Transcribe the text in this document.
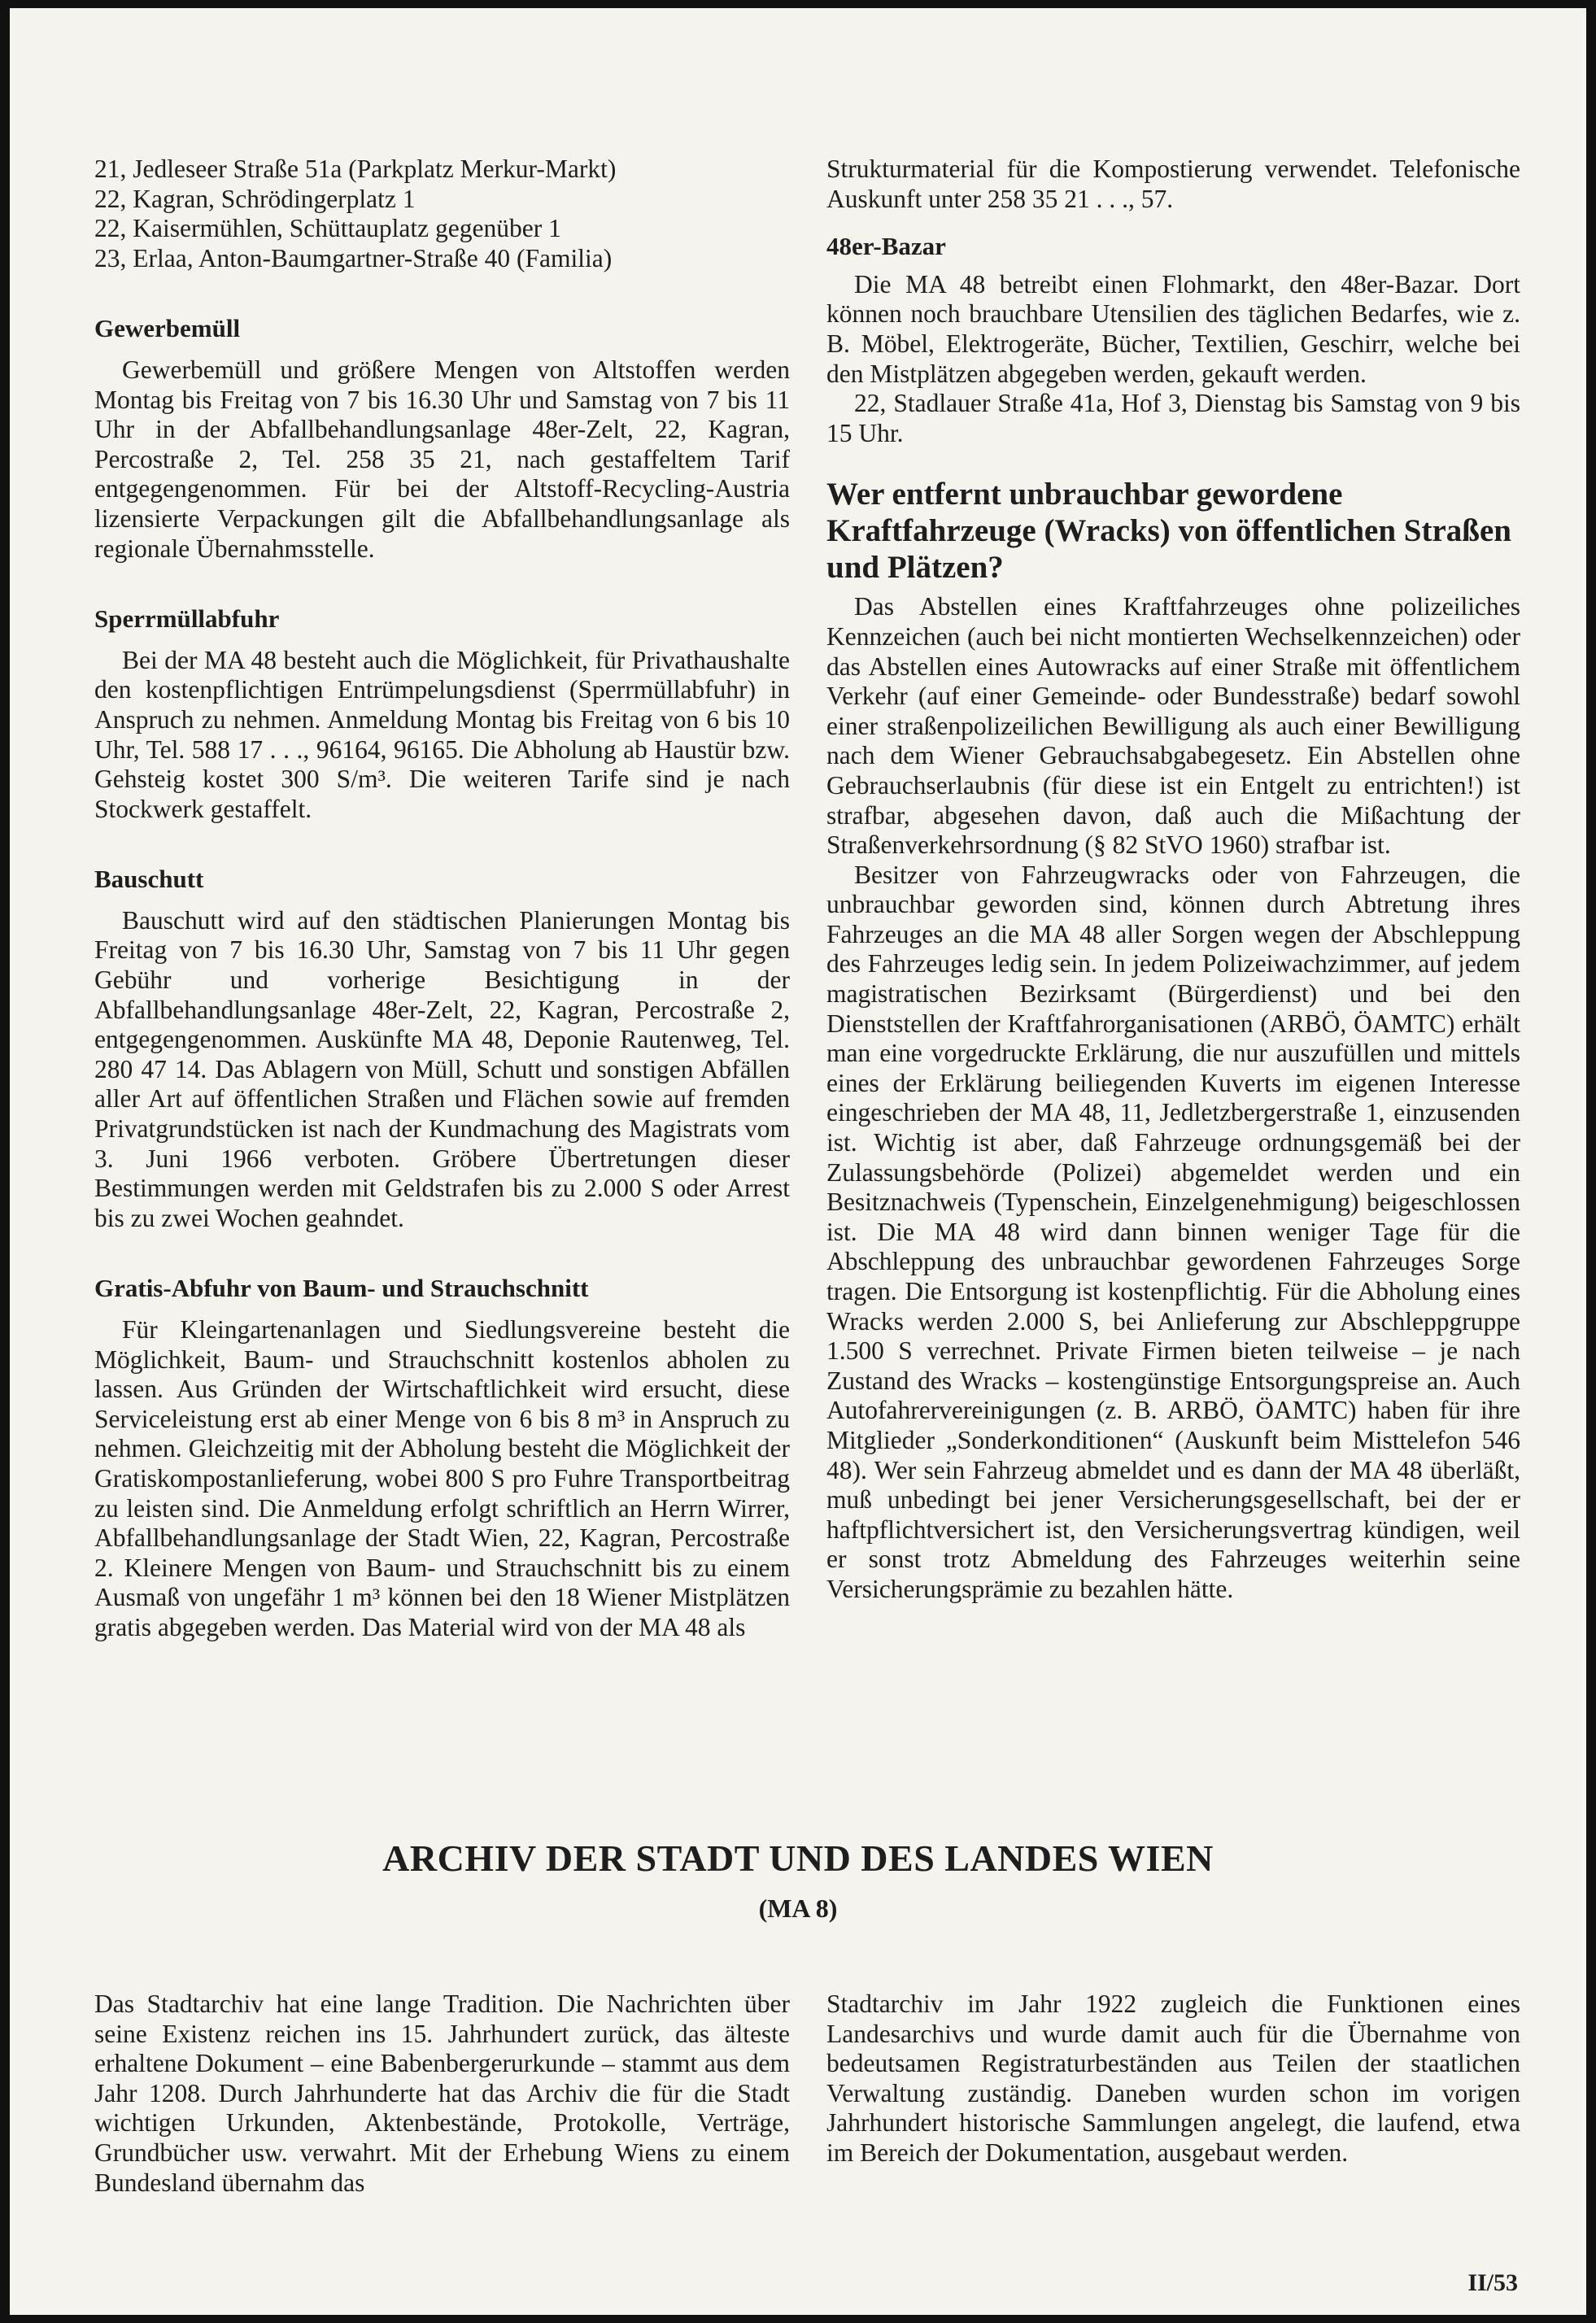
21, Jedleseer Straße 51a (Parkplatz Merkur-Markt)
22, Kagran, Schrödingerplatz 1
22, Kaisermühlen, Schüttauplatz gegenüber 1
23, Erlaa, Anton-Baumgartner-Straße 40 (Familia)
Gewerbemüll

Gewerbemüll und größere Mengen von Altstoffen werden Montag bis Freitag von 7 bis 16.30 Uhr und Samstag von 7 bis 11 Uhr in der Abfallbehandlungsanlage 48er-Zelt, 22, Kagran, Percostraße 2, Tel. 258 35 21, nach gestaffeltem Tarif entgegengenommen. Für bei der Altstoff-Recycling-Austria lizensierte Verpackungen gilt die Abfallbehandlungsanlage als regionale Übernahmsstelle.

Sperrmüllabfuhr

Bei der MA 48 besteht auch die Möglichkeit, für Privathaushalte den kostenpflichtigen Entrümpelungsdienst (Sperrmüllabfuhr) in Anspruch zu nehmen. Anmeldung Montag bis Freitag von 6 bis 10 Uhr, Tel. 588 17 . . ., 96164, 96165. Die Abholung ab Haustür bzw. Gehsteig kostet 300 S/m³. Die weiteren Tarife sind je nach Stockwerk gestaffelt.

Bauschutt

Bauschutt wird auf den städtischen Planierungen Montag bis Freitag von 7 bis 16.30 Uhr, Samstag von 7 bis 11 Uhr gegen Gebühr und vorherige Besichtigung in der Abfallbehandlungsanlage 48er-Zelt, 22, Kagran, Percostraße 2, entgegengenommen. Auskünfte MA 48, Deponie Rautenweg, Tel. 280 47 14. Das Ablagern von Müll, Schutt und sonstigen Abfällen aller Art auf öffentlichen Straßen und Flächen sowie auf fremden Privatgrundstücken ist nach der Kundmachung des Magistrats vom 3. Juni 1966 verboten. Gröbere Übertretungen dieser Bestimmungen werden mit Geldstrafen bis zu 2.000 S oder Arrest bis zu zwei Wochen geahndet.

Gratis-Abfuhr von Baum- und Strauchschnitt

Für Kleingartenanlagen und Siedlungsvereine besteht die Möglichkeit, Baum- und Strauchschnitt kostenlos abholen zu lassen. Aus Gründen der Wirtschaftlichkeit wird ersucht, diese Serviceleistung erst ab einer Menge von 6 bis 8 m³ in Anspruch zu nehmen. Gleichzeitig mit der Abholung besteht die Möglichkeit der Gratiskompostanlieferung, wobei 800 S pro Fuhre Transportbeitrag zu leisten sind. Die Anmeldung erfolgt schriftlich an Herrn Wirrer, Abfallbehandlungsanlage der Stadt Wien, 22, Kagran, Percostraße 2. Kleinere Mengen von Baum- und Strauchschnitt bis zu einem Ausmaß von ungefähr 1 m³ können bei den 18 Wiener Mistplätzen gratis abgegeben werden. Das Material wird von der MA 48 als

Strukturmaterial für die Kompostierung verwendet. Telefonische Auskunft unter 258 35 21 . . ., 57.

48er-Bazar

Die MA 48 betreibt einen Flohmarkt, den 48er-Bazar. Dort können noch brauchbare Utensilien des täglichen Bedarfes, wie z. B. Möbel, Elektrogeräte, Bücher, Textilien, Geschirr, welche bei den Mistplätzen abgegeben werden, gekauft werden.

22, Stadlauer Straße 41a, Hof 3, Dienstag bis Samstag von 9 bis 15 Uhr.

Wer entfernt unbrauchbar gewordene Kraftfahrzeuge (Wracks) von öffentlichen Straßen und Plätzen?

Das Abstellen eines Kraftfahrzeuges ohne polizeiliches Kennzeichen (auch bei nicht montierten Wechselkennzeichen) oder das Abstellen eines Autowracks auf einer Straße mit öffentlichem Verkehr (auf einer Gemeinde- oder Bundesstraße) bedarf sowohl einer straßenpolizeilichen Bewilligung als auch einer Bewilligung nach dem Wiener Gebrauchsabgabegesetz. Ein Abstellen ohne Gebrauchserlaubnis (für diese ist ein Entgelt zu entrichten!) ist strafbar, abgesehen davon, daß auch die Mißachtung der Straßenverkehrsordnung (§ 82 StVO 1960) strafbar ist.

Besitzer von Fahrzeugwracks oder von Fahrzeugen, die unbrauchbar geworden sind, können durch Abtretung ihres Fahrzeuges an die MA 48 aller Sorgen wegen der Abschleppung des Fahrzeuges ledig sein. In jedem Polizeiwachzimmer, auf jedem magistratischen Bezirksamt (Bürgerdienst) und bei den Dienststellen der Kraftfahrorganisationen (ARBÖ, ÖAMTC) erhält man eine vorgedruckte Erklärung, die nur auszufüllen und mittels eines der Erklärung beiliegenden Kuverts im eigenen Interesse eingeschrieben der MA 48, 11, Jedletzbergerstraße 1, einzusenden ist. Wichtig ist aber, daß Fahrzeuge ordnungsgemäß bei der Zulassungsbehörde (Polizei) abgemeldet werden und ein Besitznachweis (Typenschein, Einzelgenehmigung) beigeschlossen ist. Die MA 48 wird dann binnen weniger Tage für die Abschleppung des unbrauchbar gewordenen Fahrzeuges Sorge tragen. Die Entsorgung ist kostenpflichtig. Für die Abholung eines Wracks werden 2.000 S, bei Anlieferung zur Abschleppgruppe 1.500 S verrechnet. Private Firmen bieten teilweise – je nach Zustand des Wracks – kostengünstige Entsorgungspreise an. Auch Autofahrervereinigungen (z. B. ARBÖ, ÖAMTC) haben für ihre Mitglieder „Sonderkonditionen“ (Auskunft beim Misttelefon 546 48). Wer sein Fahrzeug abmeldet und es dann der MA 48 überläßt, muß unbedingt bei jener Versicherungsgesellschaft, bei der er haftpflichtversichert ist, den Versicherungsvertrag kündigen, weil er sonst trotz Abmeldung des Fahrzeuges weiterhin seine Versicherungsprämie zu bezahlen hätte.

ARCHIV DER STADT UND DES LANDES WIEN
(MA 8)

Das Stadtarchiv hat eine lange Tradition. Die Nachrichten über seine Existenz reichen ins 15. Jahrhundert zurück, das älteste erhaltene Dokument – eine Babenbergerurkunde – stammt aus dem Jahr 1208. Durch Jahrhunderte hat das Archiv die für die Stadt wichtigen Urkunden, Aktenbestände, Protokolle, Verträge, Grundbücher usw. verwahrt. Mit der Erhebung Wiens zu einem Bundesland übernahm das

Stadtarchiv im Jahr 1922 zugleich die Funktionen eines Landesarchivs und wurde damit auch für die Übernahme von bedeutsamen Registraturbeständen aus Teilen der staatlichen Verwaltung zuständig. Daneben wurden schon im vorigen Jahrhundert historische Sammlungen angelegt, die laufend, etwa im Bereich der Dokumentation, ausgebaut werden.

II/53
